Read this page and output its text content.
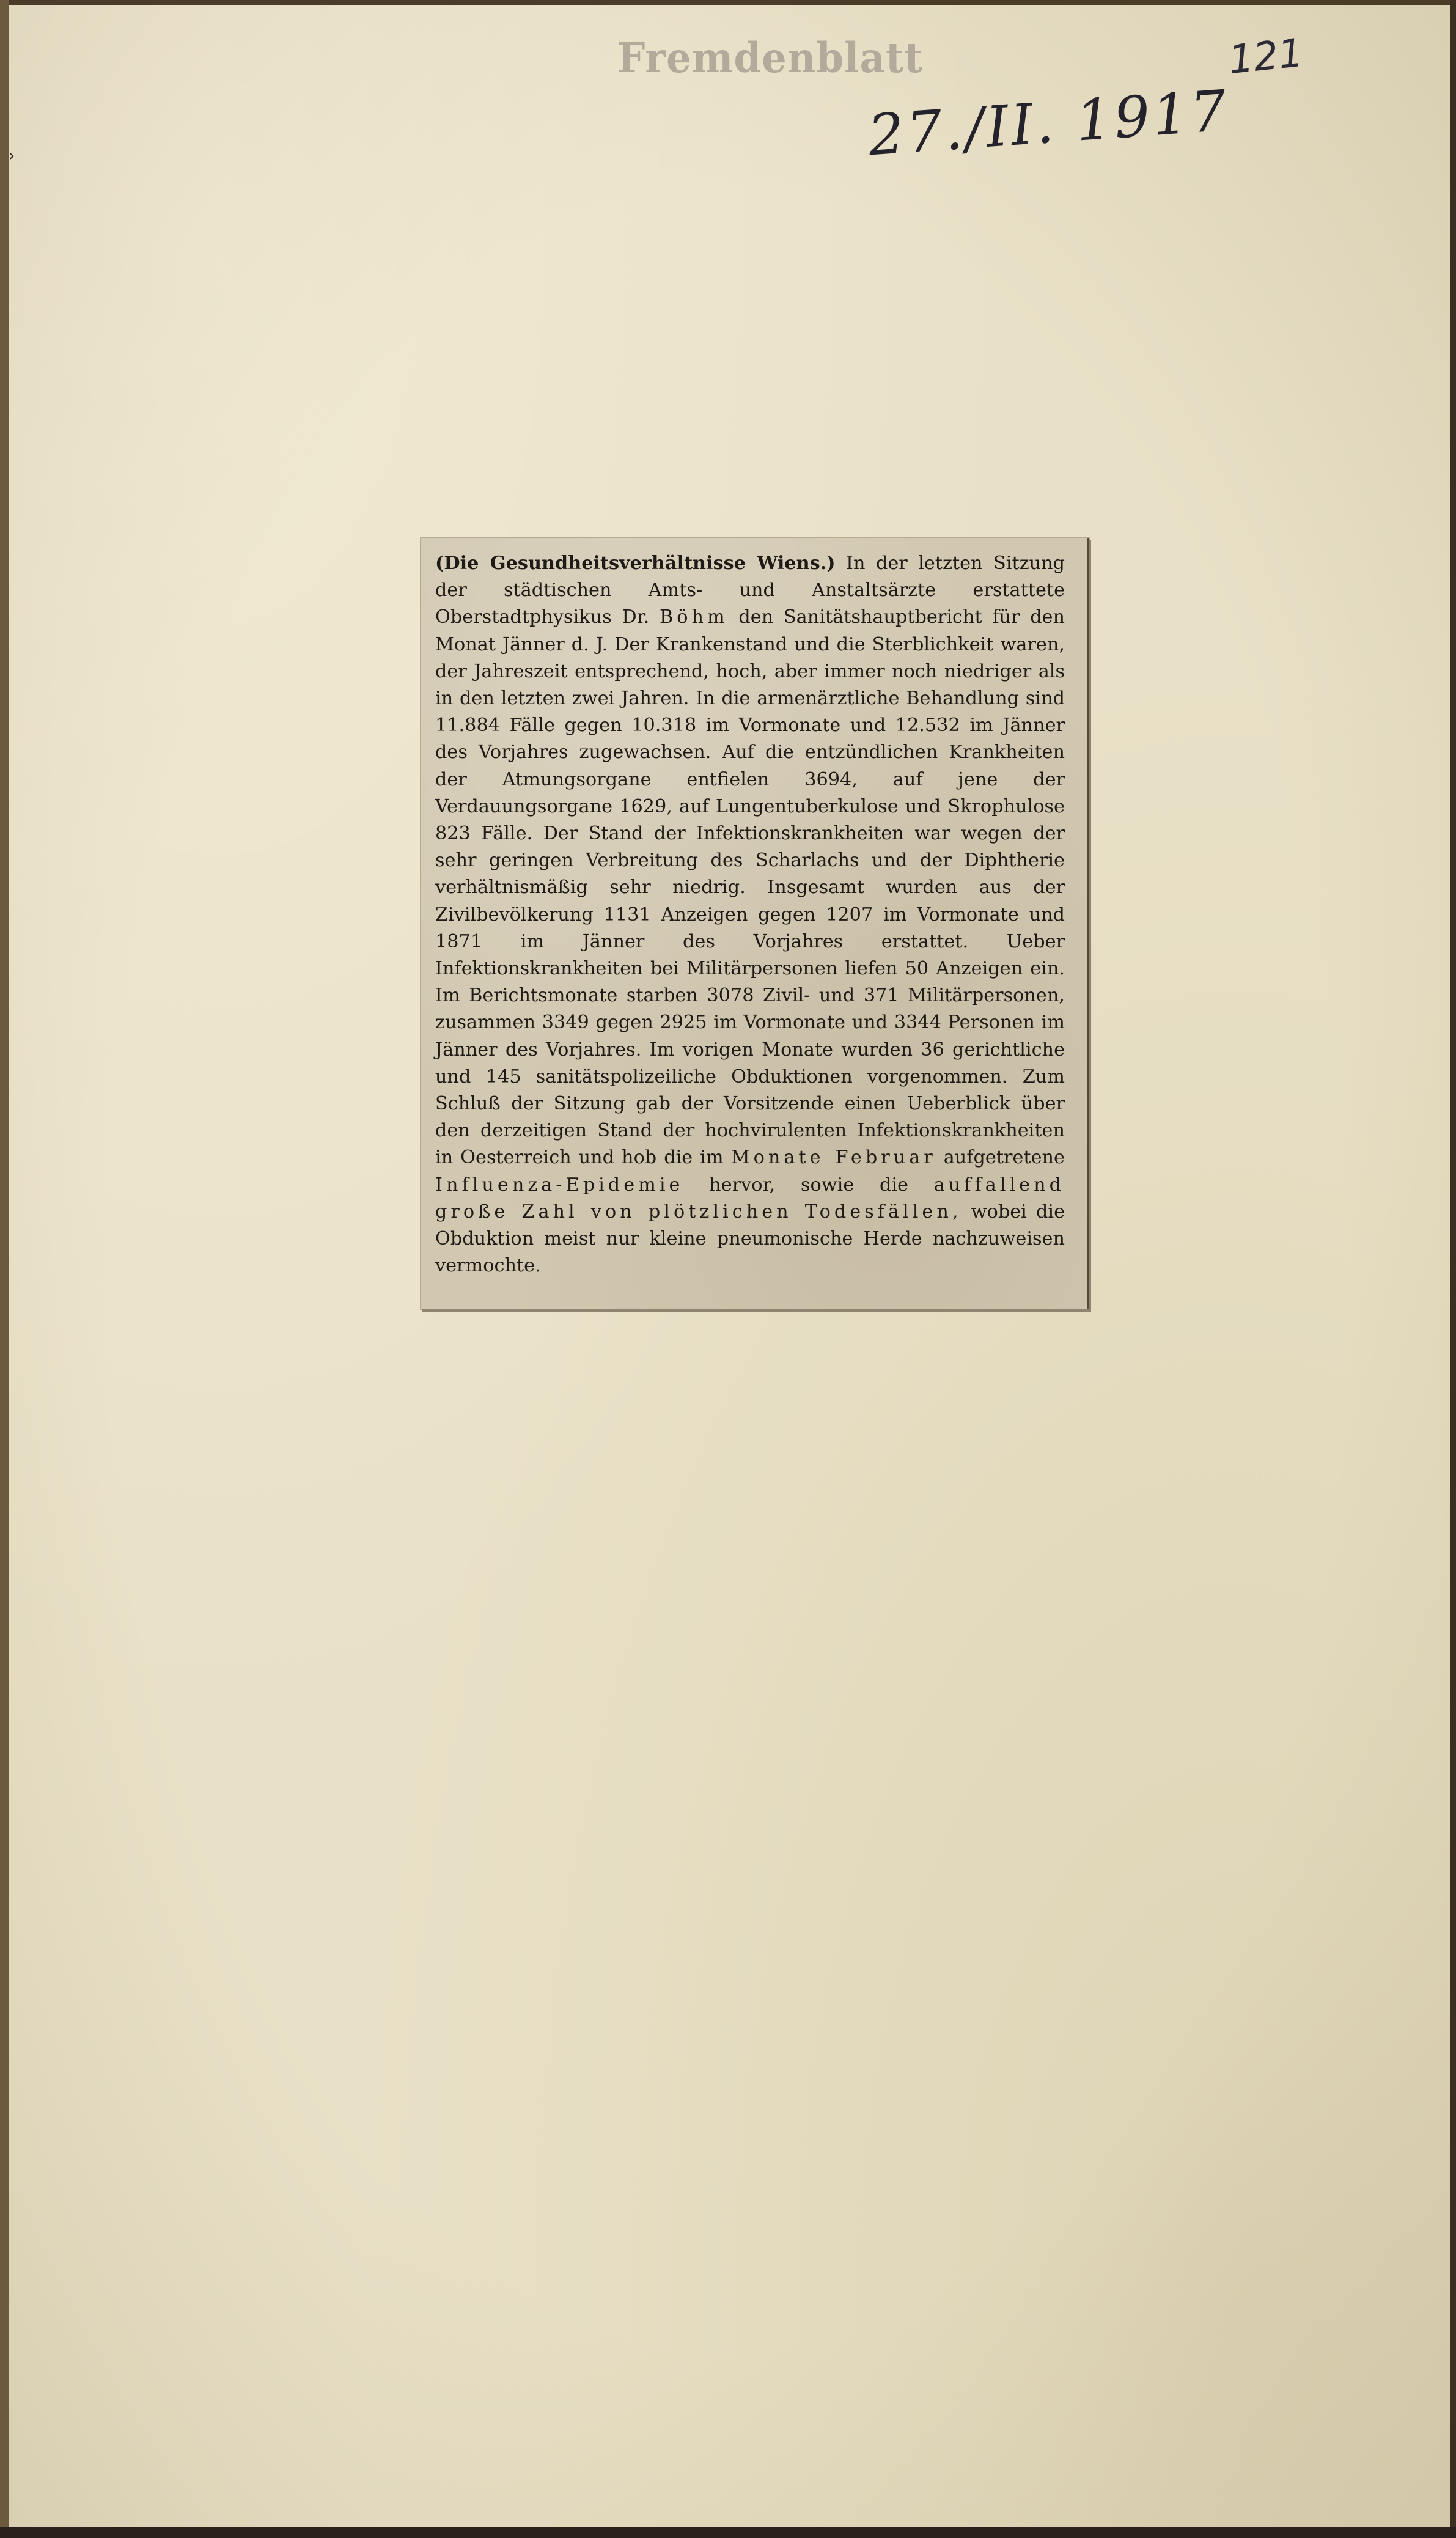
›
Fremdenblatt	121
27./II. 1917
(Die Gesundheitsverhältnisse Wiens.) In der letzten Sitzung der städtischen Amts- und Anstaltsärzte erstattete Oberstadtphysikus Dr. Böhm den Sanitätshauptbericht für den Monat Jänner d. J. Der Krankenstand und die Sterblichkeit waren, der Jahreszeit entsprechend, hoch, aber immer noch niedriger als in den letzten zwei Jahren. In die armenärztliche Behandlung sind 11.884 Fälle gegen 10.318 im Vormonate und 12.532 im Jänner des Vorjahres zugewachsen. Auf die entzündlichen Krankheiten der Atmungsorgane entfielen 3694, auf jene der Verdauungsorgane 1629, auf Lungentuberkulose und Skrophulose 823 Fälle. Der Stand der Infektionskrankheiten war wegen der sehr geringen Verbreitung des Scharlachs und der Diphtherie verhältnismäßig sehr niedrig. Insgesamt wurden aus der Zivilbevölkerung 1131 Anzeigen gegen 1207 im Vormonate und 1871 im Jänner des Vorjahres erstattet. Ueber Infektionskrankheiten bei Militärpersonen liefen 50 Anzeigen ein. Im Berichtsmonate starben 3078 Zivil- und 371 Militärpersonen, zusammen 3349 gegen 2925 im Vormonate und 3344 Personen im Jänner des Vorjahres. Im vorigen Monate wurden 36 gerichtliche und 145 sanitätspolizeiliche Obduktionen vorgenommen. Zum Schluß der Sitzung gab der Vorsitzende einen Ueberblick über den derzeitigen Stand der hochvirulenten Infektionskrankheiten in Oesterreich und hob die im Monate Februar aufgetretene Influenza-Epidemie hervor, sowie die auffallend große Zahl von plötzlichen Todesfällen, wobei die Obduktion meist nur kleine pneumonische Herde nachzuweisen vermochte.
